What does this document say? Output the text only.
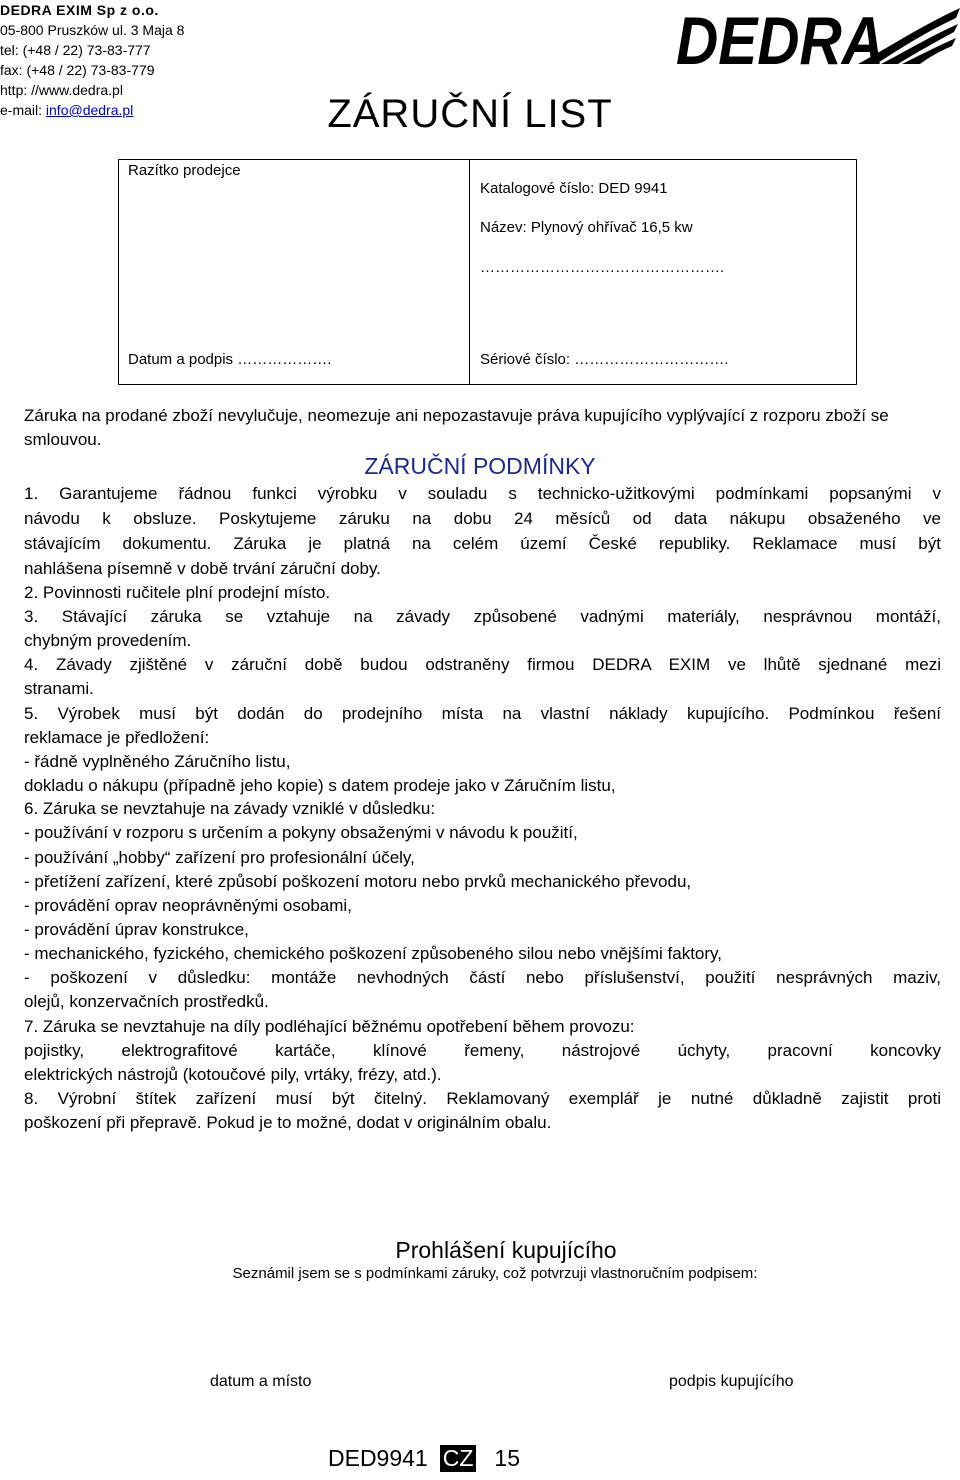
DEDRA EXIM Sp z o.o.
05-800 Pruszków ul. 3 Maja 8
tel: (+48 / 22) 73-83-777
fax: (+48 / 22) 73-83-779
http: //www.dedra.pl
e-mail: info@dedra.pl
DEDRA
ZÁRUČNÍ LIST
Razítko prodejce
Katalogové číslo: DED 9941
Název: Plynový ohřívač 16,5 kw
………………………………………….
Datum a podpis ……………….	Sériové číslo: ………………………….
Záruka na prodané zboží nevylučuje, neomezuje ani nepozastavuje práva kupujícího vyplývající z rozporu zboží se smlouvou.
ZÁRUČNÍ PODMÍNKY
1. Garantujeme řádnou funkci výrobku v souladu s technicko-užitkovými podmínkami popsanými v
návodu k obsluze. Poskytujeme záruku na dobu 24 měsíců od data nákupu obsaženého ve
stávajícím dokumentu. Záruka je platná na celém území České republiky. Reklamace musí být
nahlášena písemně v době trvání záruční doby.
2. Povinnosti ručitele plní prodejní místo.
3. Stávající záruka se vztahuje na závady způsobené vadnými materiály, nesprávnou montáží,
chybným provedením.
4. Závady zjištěné v záruční době budou odstraněny firmou DEDRA EXIM ve lhůtě sjednané mezi
stranami.
5. Výrobek musí být dodán do prodejního místa na vlastní náklady kupujícího. Podmínkou řešení
reklamace je předložení:
- řádně vyplněného Záručního listu,
dokladu o nákupu (případně jeho kopie) s datem prodeje jako v Záručním listu,
6. Záruka se nevztahuje na závady vzniklé v důsledku:
- používání v rozporu s určením a pokyny obsaženými v návodu k použití,
- používání „hobby“ zařízení pro profesionální účely,
- přetížení zařízení, které způsobí poškození motoru nebo prvků mechanického převodu,
- provádění oprav neoprávněnými osobami,
- provádění úprav konstrukce,
- mechanického, fyzického, chemického poškození způsobeného silou nebo vnějšími faktory,
- poškození v důsledku: montáže nevhodných částí nebo příslušenství, použití nesprávných maziv,
olejů, konzervačních prostředků.
7. Záruka se nevztahuje na díly podléhající běžnému opotřebení během provozu:
pojistky, elektrografitové kartáče, klínové řemeny, nástrojové úchyty, pracovní koncovky
elektrických nástrojů (kotoučové pily, vrtáky, frézy, atd.).
8. Výrobní štítek zařízení musí být čitelný. Reklamovaný exemplář je nutné důkladně zajistit proti
poškození při přepravě. Pokud je to možné, dodat v originálním obalu.
Prohlášení kupujícího
Seznámil jsem se s podmínkami záruky, což potvrzuji vlastnoručním podpisem:
datum a místo	podpis kupujícího
DED9941 CZ 15
